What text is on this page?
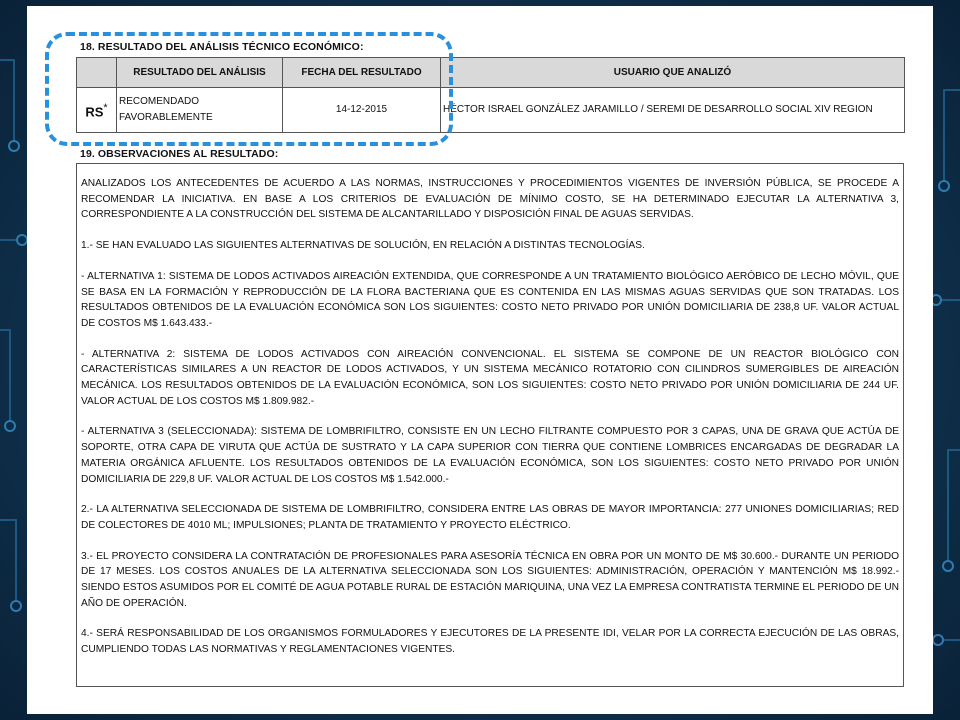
18. RESULTADO DEL ANÁLISIS TÉCNICO ECONÓMICO:
	RESULTADO DEL ANÁLISIS	FECHA DEL RESULTADO	USUARIO QUE ANALIZÓ
RS*	RECOMENDADO FAVORABLEMENTE	14-12-2015	HÉCTOR ISRAEL GONZÁLEZ JARAMILLO / SEREMI DE DESARROLLO SOCIAL XIV REGION
19. OBSERVACIONES AL RESULTADO:

ANALIZADOS LOS ANTECEDENTES DE ACUERDO A LAS NORMAS, INSTRUCCIONES Y PROCEDIMIENTOS VIGENTES DE INVERSIÓN PÚBLICA, SE PROCEDE A RECOMENDAR LA INICIATIVA. EN BASE A LOS CRITERIOS DE EVALUACIÓN DE MÍNIMO COSTO, SE HA DETERMINADO EJECUTAR LA ALTERNATIVA 3, CORRESPONDIENTE A LA CONSTRUCCIÓN DEL SISTEMA DE ALCANTARILLADO Y DISPOSICIÓN FINAL DE AGUAS SERVIDAS.

1.- SE HAN EVALUADO LAS SIGUIENTES ALTERNATIVAS DE SOLUCIÓN, EN RELACIÓN A DISTINTAS TECNOLOGÍAS.

- ALTERNATIVA 1: SISTEMA DE LODOS ACTIVADOS AIREACIÓN EXTENDIDA, QUE CORRESPONDE A UN TRATAMIENTO BIOLÓGICO AERÓBICO DE LECHO MÓVIL, QUE SE BASA EN LA FORMACIÓN Y REPRODUCCIÓN DE LA FLORA BACTERIANA QUE ES CONTENIDA EN LAS MISMAS AGUAS SERVIDAS QUE SON TRATADAS. LOS RESULTADOS OBTENIDOS DE LA EVALUACIÓN ECONÓMICA SON LOS SIGUIENTES: COSTO NETO PRIVADO POR UNIÓN DOMICILIARIA DE 238,8 UF. VALOR ACTUAL DE COSTOS M$ 1.643.433.-

- ALTERNATIVA 2: SISTEMA DE LODOS ACTIVADOS CON AIREACIÓN CONVENCIONAL. EL SISTEMA SE COMPONE DE UN REACTOR BIOLÓGICO CON CARACTERÍSTICAS SIMILARES A UN REACTOR DE LODOS ACTIVADOS, Y UN SISTEMA MECÁNICO ROTATORIO CON CILINDROS SUMERGIBLES DE AIREACIÓN MECÁNICA. LOS RESULTADOS OBTENIDOS DE LA EVALUACIÓN ECONÓMICA, SON LOS SIGUIENTES: COSTO NETO PRIVADO POR UNIÓN DOMICILIARIA DE 244 UF. VALOR ACTUAL DE LOS COSTOS M$ 1.809.982.-

- ALTERNATIVA 3 (SELECCIONADA): SISTEMA DE LOMBRIFILTRO, CONSISTE EN UN LECHO FILTRANTE COMPUESTO POR 3 CAPAS, UNA DE GRAVA QUE ACTÚA DE SOPORTE, OTRA CAPA DE VIRUTA QUE ACTÚA DE SUSTRATO Y LA CAPA SUPERIOR CON TIERRA QUE CONTIENE LOMBRICES ENCARGADAS DE DEGRADAR LA MATERIA ORGÁNICA AFLUENTE. LOS RESULTADOS OBTENIDOS DE LA EVALUACIÓN ECONÓMICA, SON LOS SIGUIENTES: COSTO NETO PRIVADO POR UNIÓN DOMICILIARIA DE 229,8 UF. VALOR ACTUAL DE LOS COSTOS M$ 1.542.000.-

2.- LA ALTERNATIVA SELECCIONADA DE SISTEMA DE LOMBRIFILTRO, CONSIDERA ENTRE LAS OBRAS DE MAYOR IMPORTANCIA: 277 UNIONES DOMICILIARIAS; RED DE COLECTORES DE 4010 ML; IMPULSIONES; PLANTA DE TRATAMIENTO Y PROYECTO ELÉCTRICO.

3.- EL PROYECTO CONSIDERA LA CONTRATACIÓN DE PROFESIONALES PARA ASESORÍA TÉCNICA EN OBRA POR UN MONTO DE M$ 30.600.- DURANTE UN PERIODO DE 17 MESES. LOS COSTOS ANUALES DE LA ALTERNATIVA SELECCIONADA SON LOS SIGUIENTES: ADMINISTRACIÓN, OPERACIÓN Y MANTENCIÓN M$ 18.992.- SIENDO ESTOS ASUMIDOS POR EL COMITÉ DE AGUA POTABLE RURAL DE ESTACIÓN MARIQUINA, UNA VEZ LA EMPRESA CONTRATISTA TERMINE EL PERIODO DE UN AÑO DE OPERACIÓN.

4.- SERÁ RESPONSABILIDAD DE LOS ORGANISMOS FORMULADORES Y EJECUTORES DE LA PRESENTE IDI, VELAR POR LA CORRECTA EJECUCIÓN DE LAS OBRAS, CUMPLIENDO TODAS LAS NORMATIVAS Y REGLAMENTACIONES VIGENTES.
